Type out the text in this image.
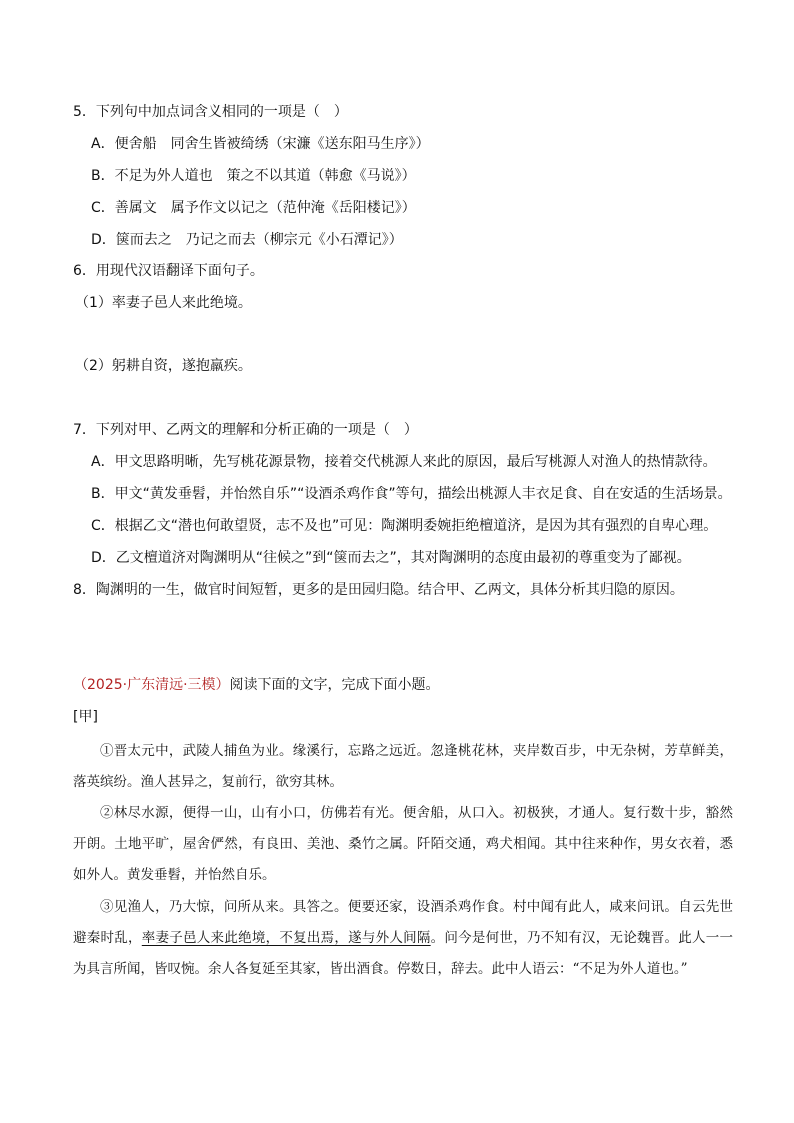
5．下列句中加点词含义相同的一项是（　）
A．便舍船　同舍生皆被绮绣（宋濂《送东阳马生序》）
B．不足为外人道也　策之不以其道（韩愈《马说》）
C．善属文　属予作文以记之（范仲淹《岳阳楼记》）
D．箧而去之　乃记之而去（柳宗元《小石潭记》）
6．用现代汉语翻译下面句子。
（1）率妻子邑人来此绝境。
（2）躬耕自资，遂抱羸疾。
7．下列对甲、乙两文的理解和分析正确的一项是（　）
A．甲文思路明晰，先写桃花源景物，接着交代桃源人来此的原因，最后写桃源人对渔人的热情款待。
B．甲文“黄发垂髫，并怡然自乐”“设酒杀鸡作食”等句，描绘出桃源人丰衣足食、自在安适的生活场景。
C．根据乙文“潜也何敢望贤，志不及也”可见：陶渊明委婉拒绝檀道济，是因为其有强烈的自卑心理。
D．乙文檀道济对陶渊明从“往候之”到“箧而去之”，其对陶渊明的态度由最初的尊重变为了鄙视。
8．陶渊明的一生，做官时间短暂，更多的是田园归隐。结合甲、乙两文，具体分析其归隐的原因。
（2025·广东清远·三模）阅读下面的文字，完成下面小题。
[甲]

①晋太元中，武陵人捕鱼为业。缘溪行，忘路之远近。忽逢桃花林，夹岸数百步，中无杂树，芳草鲜美，落英缤纷。渔人甚异之，复前行，欲穷其林。

②林尽水源，便得一山，山有小口，仿佛若有光。便舍船，从口入。初极狭，才通人。复行数十步，豁然开朗。土地平旷，屋舍俨然，有良田、美池、桑竹之属。阡陌交通，鸡犬相闻。其中往来种作，男女衣着，悉如外人。黄发垂髫，并怡然自乐。

③见渔人，乃大惊，问所从来。具答之。便要还家，设酒杀鸡作食。村中闻有此人，咸来问讯。自云先世避秦时乱，率妻子邑人来此绝境，不复出焉，遂与外人间隔。问今是何世，乃不知有汉，无论魏晋。此人一一为具言所闻，皆叹惋。余人各复延至其家，皆出酒食。停数日，辞去。此中人语云：“不足为外人道也。”
